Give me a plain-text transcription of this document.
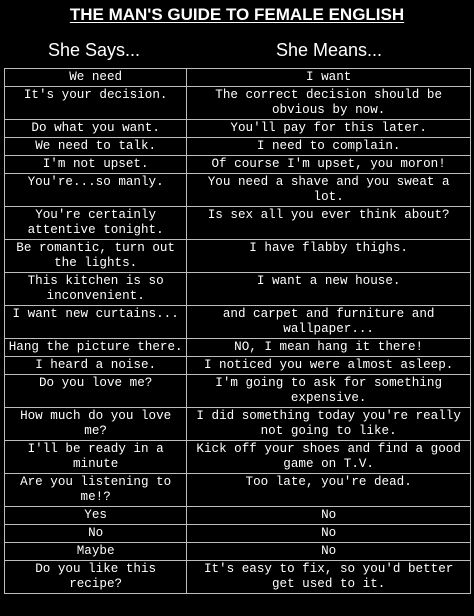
THE MAN'S GUIDE TO FEMALE ENGLISH
She Says...	She Means...
We need	I want
It's your decision.	The correct decision should be obvious by now.
Do what you want.	You'll pay for this later.
We need to talk.	I need to complain.
I'm not upset.	Of course I'm upset, you moron!
You're...so manly.	You need a shave and you sweat a lot.
You're certainly attentive tonight.	Is sex all you ever think about?
Be romantic, turn out the lights.	I have flabby thighs.
This kitchen is so inconvenient.	I want a new house.
I want new curtains...	and carpet and furniture and wallpaper...
Hang the picture there.	NO, I mean hang it there!
I heard a noise.	I noticed you were almost asleep.
Do you love me?	I'm going to ask for something expensive.
How much do you love me?	I did something today you're really not going to like.
I'll be ready in a minute	Kick off your shoes and find a good game on T.V.
Are you listening to me!?	Too late, you're dead.
Yes	No
No	No
Maybe	No
Do you like this recipe?	It's easy to fix, so you'd better get used to it.
